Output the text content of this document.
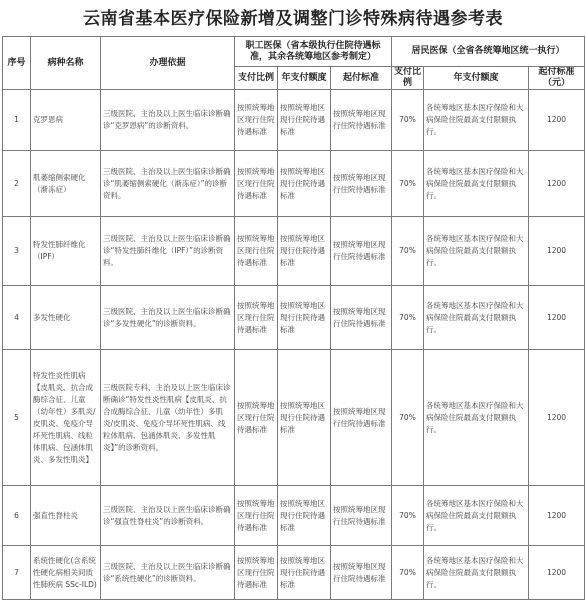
云南省基本医疗保险新增及调整门诊特殊病待遇参考表
序号	病种名称	办理依据	职工医保（省本级执行住院待遇标准，其余各统筹地区参考制定）			居民医保（全省各统筹地区统一执行）		
			支付比例	年支付额度	起付标准	支付比例	年支付额度	起付标准（元）
1	克罗恩病	三级医院、主治及以上医生临床诊断确诊“克罗恩病”的诊断资料。	按照统筹地区现行住院待遇标准	按照统筹地区现行住院待遇标准	按照统筹地区现行住院待遇标准	70%	各统筹地区基本医疗保险和大病保险住院最高支付限额执行。	1200
2	肌萎缩侧索硬化（渐冻症）	三级医院、主治及以上医生临床诊断确诊“肌萎缩侧索硬化（渐冻症）”的诊断资料。	按照统筹地区现行住院待遇标准	按照统筹地区现行住院待遇标准	按照统筹地区现行住院待遇标准	70%	各统筹地区基本医疗保险和大病保险住院最高支付限额执行。	1200
3	特发性肺纤维化（IPF）	三级医院、主治及以上医生临床诊断确诊“特发性肺纤维化（IPF）”的诊断资料。	按照统筹地区现行住院待遇标准	按照统筹地区现行住院待遇标准	按照统筹地区现行住院待遇标准	70%	各统筹地区基本医疗保险和大病保险住院最高支付限额执行。	1200
4	多发性硬化	三级医院、主治及以上医生临床诊断确诊“多发性硬化”的诊断资料。	按照统筹地区现行住院待遇标准	按照统筹地区现行住院待遇标准	按照统筹地区现行住院待遇标准	70%	各统筹地区基本医疗保险和大病保险住院最高支付限额执行。	1200
5	特发性炎性肌病【皮肌炎、抗合成酶综合征、儿童（幼年性）多肌炎/皮肌炎、免疫介导坏死性肌病、线粒体肌病、包涵体肌炎、多发性肌炎】	三级医院专科、主治及以上医生临床诊断确诊“特发性炎性肌病【皮肌炎、抗合成酶综合征、儿童（幼年性）多肌炎/皮肌炎、免疫介导坏死性肌病、线粒体肌病、包涵体肌炎、多发性肌炎】”的诊断资料。	按照统筹地区现行住院待遇标准	按照统筹地区现行住院待遇标准	按照统筹地区现行住院待遇标准	70%	各统筹地区基本医疗保险和大病保险住院最高支付限额执行。	1200
6	强直性脊柱炎	三级医院、主治及以上医生临床诊断确诊“强直性脊柱炎”的诊断资料。	按照统筹地区现行住院待遇标准	按照统筹地区现行住院待遇标准	按照统筹地区现行住院待遇标准	70%	各统筹地区基本医疗保险和大病保险住院最高支付限额执行。	1200
7	系统性硬化(含系统性硬化病相关间质性肺疾病 SSc-ILD)	三级医院、主治及以上医生临床诊断确诊“系统性硬化”的诊断资料。	按照统筹地区现行住院待遇标准	按照统筹地区现行住院待遇标准	按照统筹地区现行住院待遇标准	70%	各统筹地区基本医疗保险和大病保险住院最高支付限额执行。	1200
